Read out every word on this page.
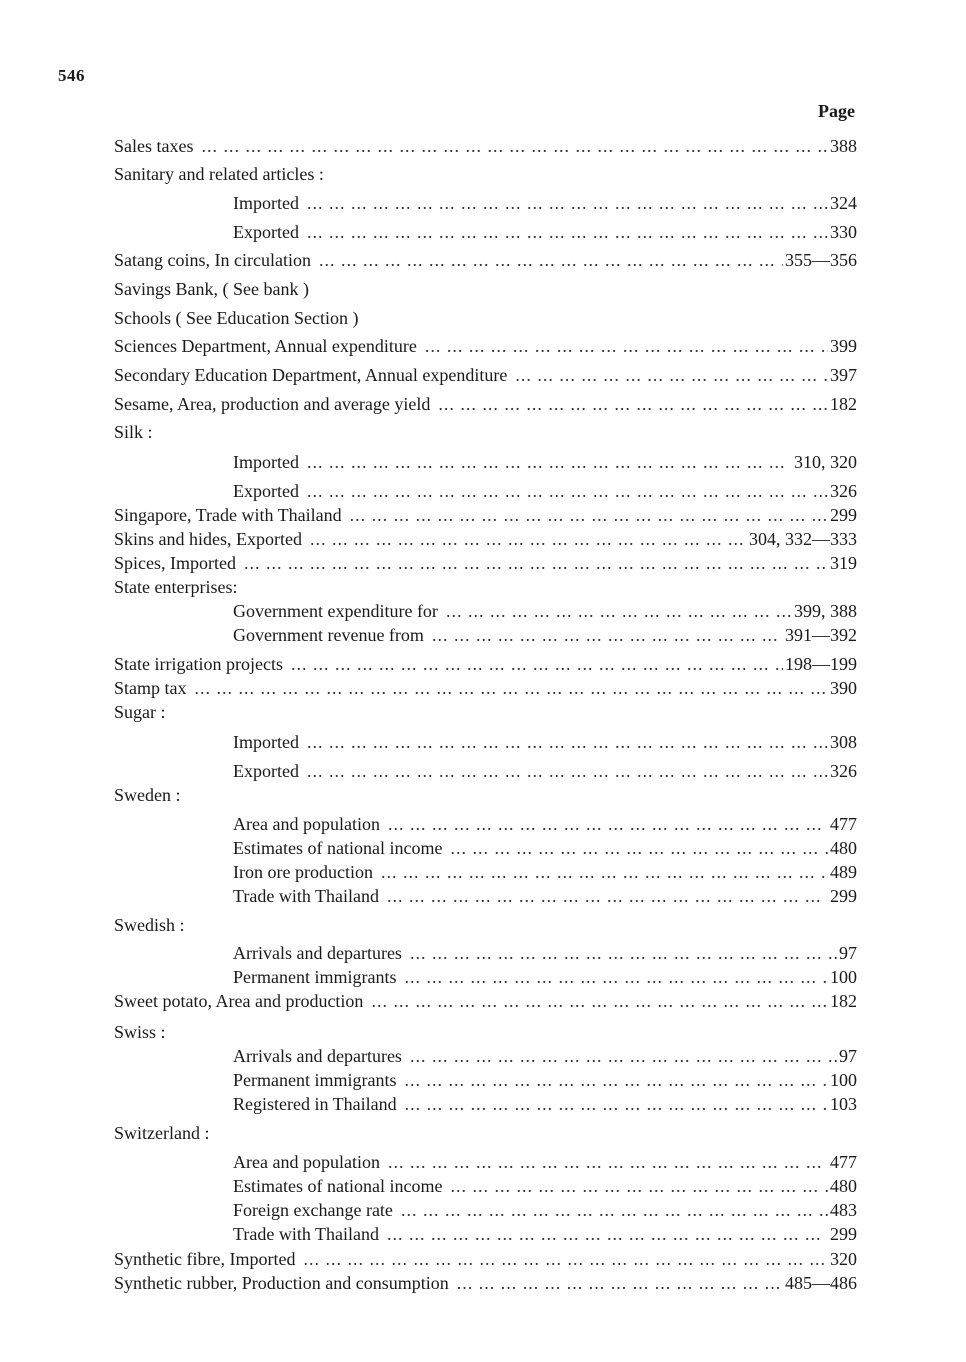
546
Page
Sales taxes ... .	388
Sanitary and related articles :
Imported ... .	324
Exported ... .	330
Satang coins, In circulation ... .	355—356
Savings Bank, ( See bank )
Schools ( See Education Section )
Sciences Department, Annual expenditure ... .	399
Secondary Education Department, Annual expenditure ... .	397
Sesame, Area, production and average yield ... .	182
Silk :
Imported ... .	310, 320
Exported ... .	326
Singapore, Trade with Thailand ... .	299
Skins and hides, Exported ... .	304, 332—333
Spices, Imported ... .	319
State enterprises:
Government expenditure for ... .	399, 388
Government revenue from ... .	391—392
State irrigation projects ... .	198—199
Stamp tax ... .	390
Sugar :
Imported ... .	308
Exported ... .	326
Sweden :
Area and population ... .	477
Estimates of national income ... .	480
Iron ore production ... .	489
Trade with Thailand ... .	299
Swedish :
Arrivals and departures ... .	97
Permanent immigrants ... .	100
Sweet potato, Area and production ... .	182
Swiss :
Arrivals and departures ... .	97
Permanent immigrants ... .	100
Registered in Thailand ... .	103
Switzerland :
Area and population ... .	477
Estimates of national income ... .	480
Foreign exchange rate ... .	483
Trade with Thailand ... .	299
Synthetic fibre, Imported ... .	320
Synthetic rubber, Production and consumption ... .	485—486
